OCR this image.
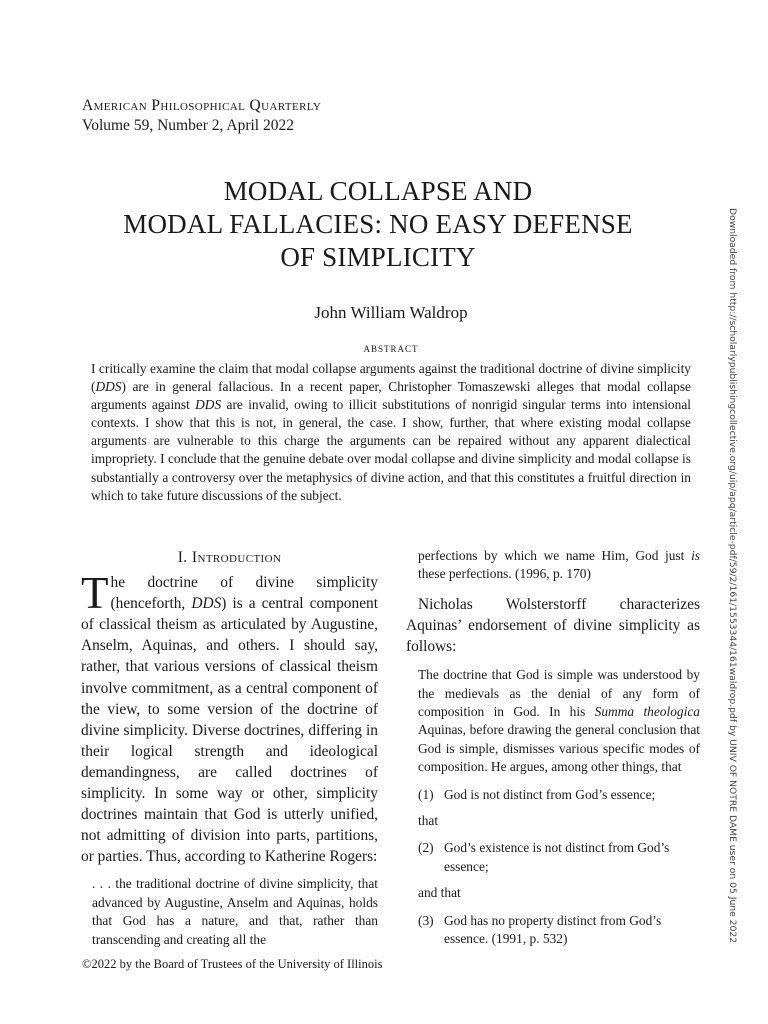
American Philosophical Quarterly
Volume 59, Number 2, April 2022
MODAL COLLAPSE AND
MODAL FALLACIES: NO EASY DEFENSE
OF SIMPLICITY
John William Waldrop
abstract
I critically examine the claim that modal collapse arguments against the traditional doctrine of divine simplicity (DDS) are in general fallacious. In a recent paper, Christopher Tomaszewski alleges that modal collapse arguments against DDS are invalid, owing to illicit substitutions of nonrigid singular terms into intensional contexts. I show that this is not, in general, the case. I show, further, that where existing modal collapse arguments are vulnerable to this charge the arguments can be repaired without any apparent dialectical impropriety. I conclude that the genuine debate over modal collapse and divine simplicity and modal collapse is substantially a controversy over the metaphysics of divine action, and that this constitutes a fruitful direction in which to take future discussions of the subject.
I. Introduction
The doctrine of divine simplicity (henceforth, DDS) is a central component of classical theism as articulated by Augustine, Anselm, Aquinas, and others. I should say, rather, that various versions of classical theism involve commitment, as a central component of the view, to some version of the doctrine of divine simplicity. Diverse doctrines, differing in their logical strength and ideological demandingness, are called doctrines of simplicity. In some way or other, simplicity doctrines maintain that God is utterly unified, not admitting of division into parts, partitions, or parties. Thus, according to Katherine Rogers:
. . . the traditional doctrine of divine simplicity, that advanced by Augustine, Anselm and Aquinas, holds that God has a nature, and that, rather than transcending and creating all the
perfections by which we name Him, God just is these perfections. (1996, p. 170)
Nicholas Wolsterstorff characterizes Aquinas’ endorsement of divine simplicity as follows:
The doctrine that God is simple was understood by the medievals as the denial of any form of composition in God. In his Summa theologica Aquinas, before drawing the general conclusion that God is simple, dismisses various specific modes of composition. He argues, among other things, that
(1) God is not distinct from God’s essence;
that
(2) God’s existence is not distinct from God’s essence;
and that
(3) God has no property distinct from God’s essence. (1991, p. 532)
©2022 by the Board of Trustees of the University of Illinois
Downloaded from http://scholarlypublishingcollective.org/uip/apq/article-pdf/59/2/161/1553344/161waldrop.pdf by UNIV OF NOTRE DAME user on 05 June 2022
